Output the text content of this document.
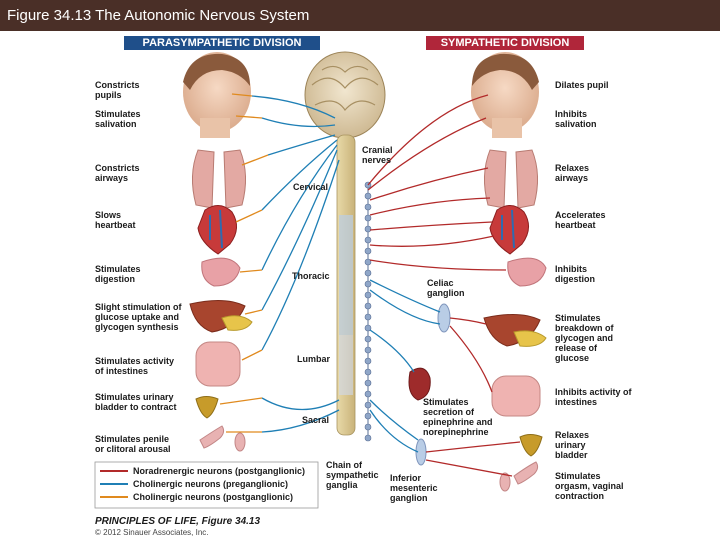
Figure 34.13 The Autonomic Nervous System
PARASYMPATHETIC DIVISION	SYMPATHETIC DIVISION
Constricts pupils
Stimulates salivation
Constricts airways
Slows heartbeat
Stimulates digestion
Slight stimulation of glucose uptake and glycogen synthesis
Stimulates activity of intestines
Stimulates urinary bladder to contract
Stimulates penile or clitoral arousal
Dilates pupil
Inhibits salivation
Relaxes airways
Accelerates heartbeat
Inhibits digestion
Stimulates breakdown of glycogen and release of glucose
Inhibits activity of intestines
Relaxes urinary bladder
Stimulates orgasm, vaginal contraction
Cranial nerves
Cervical
Thoracic
Lumbar
Sacral
Celiac ganglion
Stimulates secretion of epinephrine and norepinephrine
Chain of sympathetic ganglia
Inferior mesenteric ganglion
Noradrenergic neurons (postganglionic)
Cholinergic neurons (preganglionic)
Cholinergic neurons (postganglionic)
PRINCIPLES OF LIFE, Figure 34.13
© 2012 Sinauer Associates, Inc.
